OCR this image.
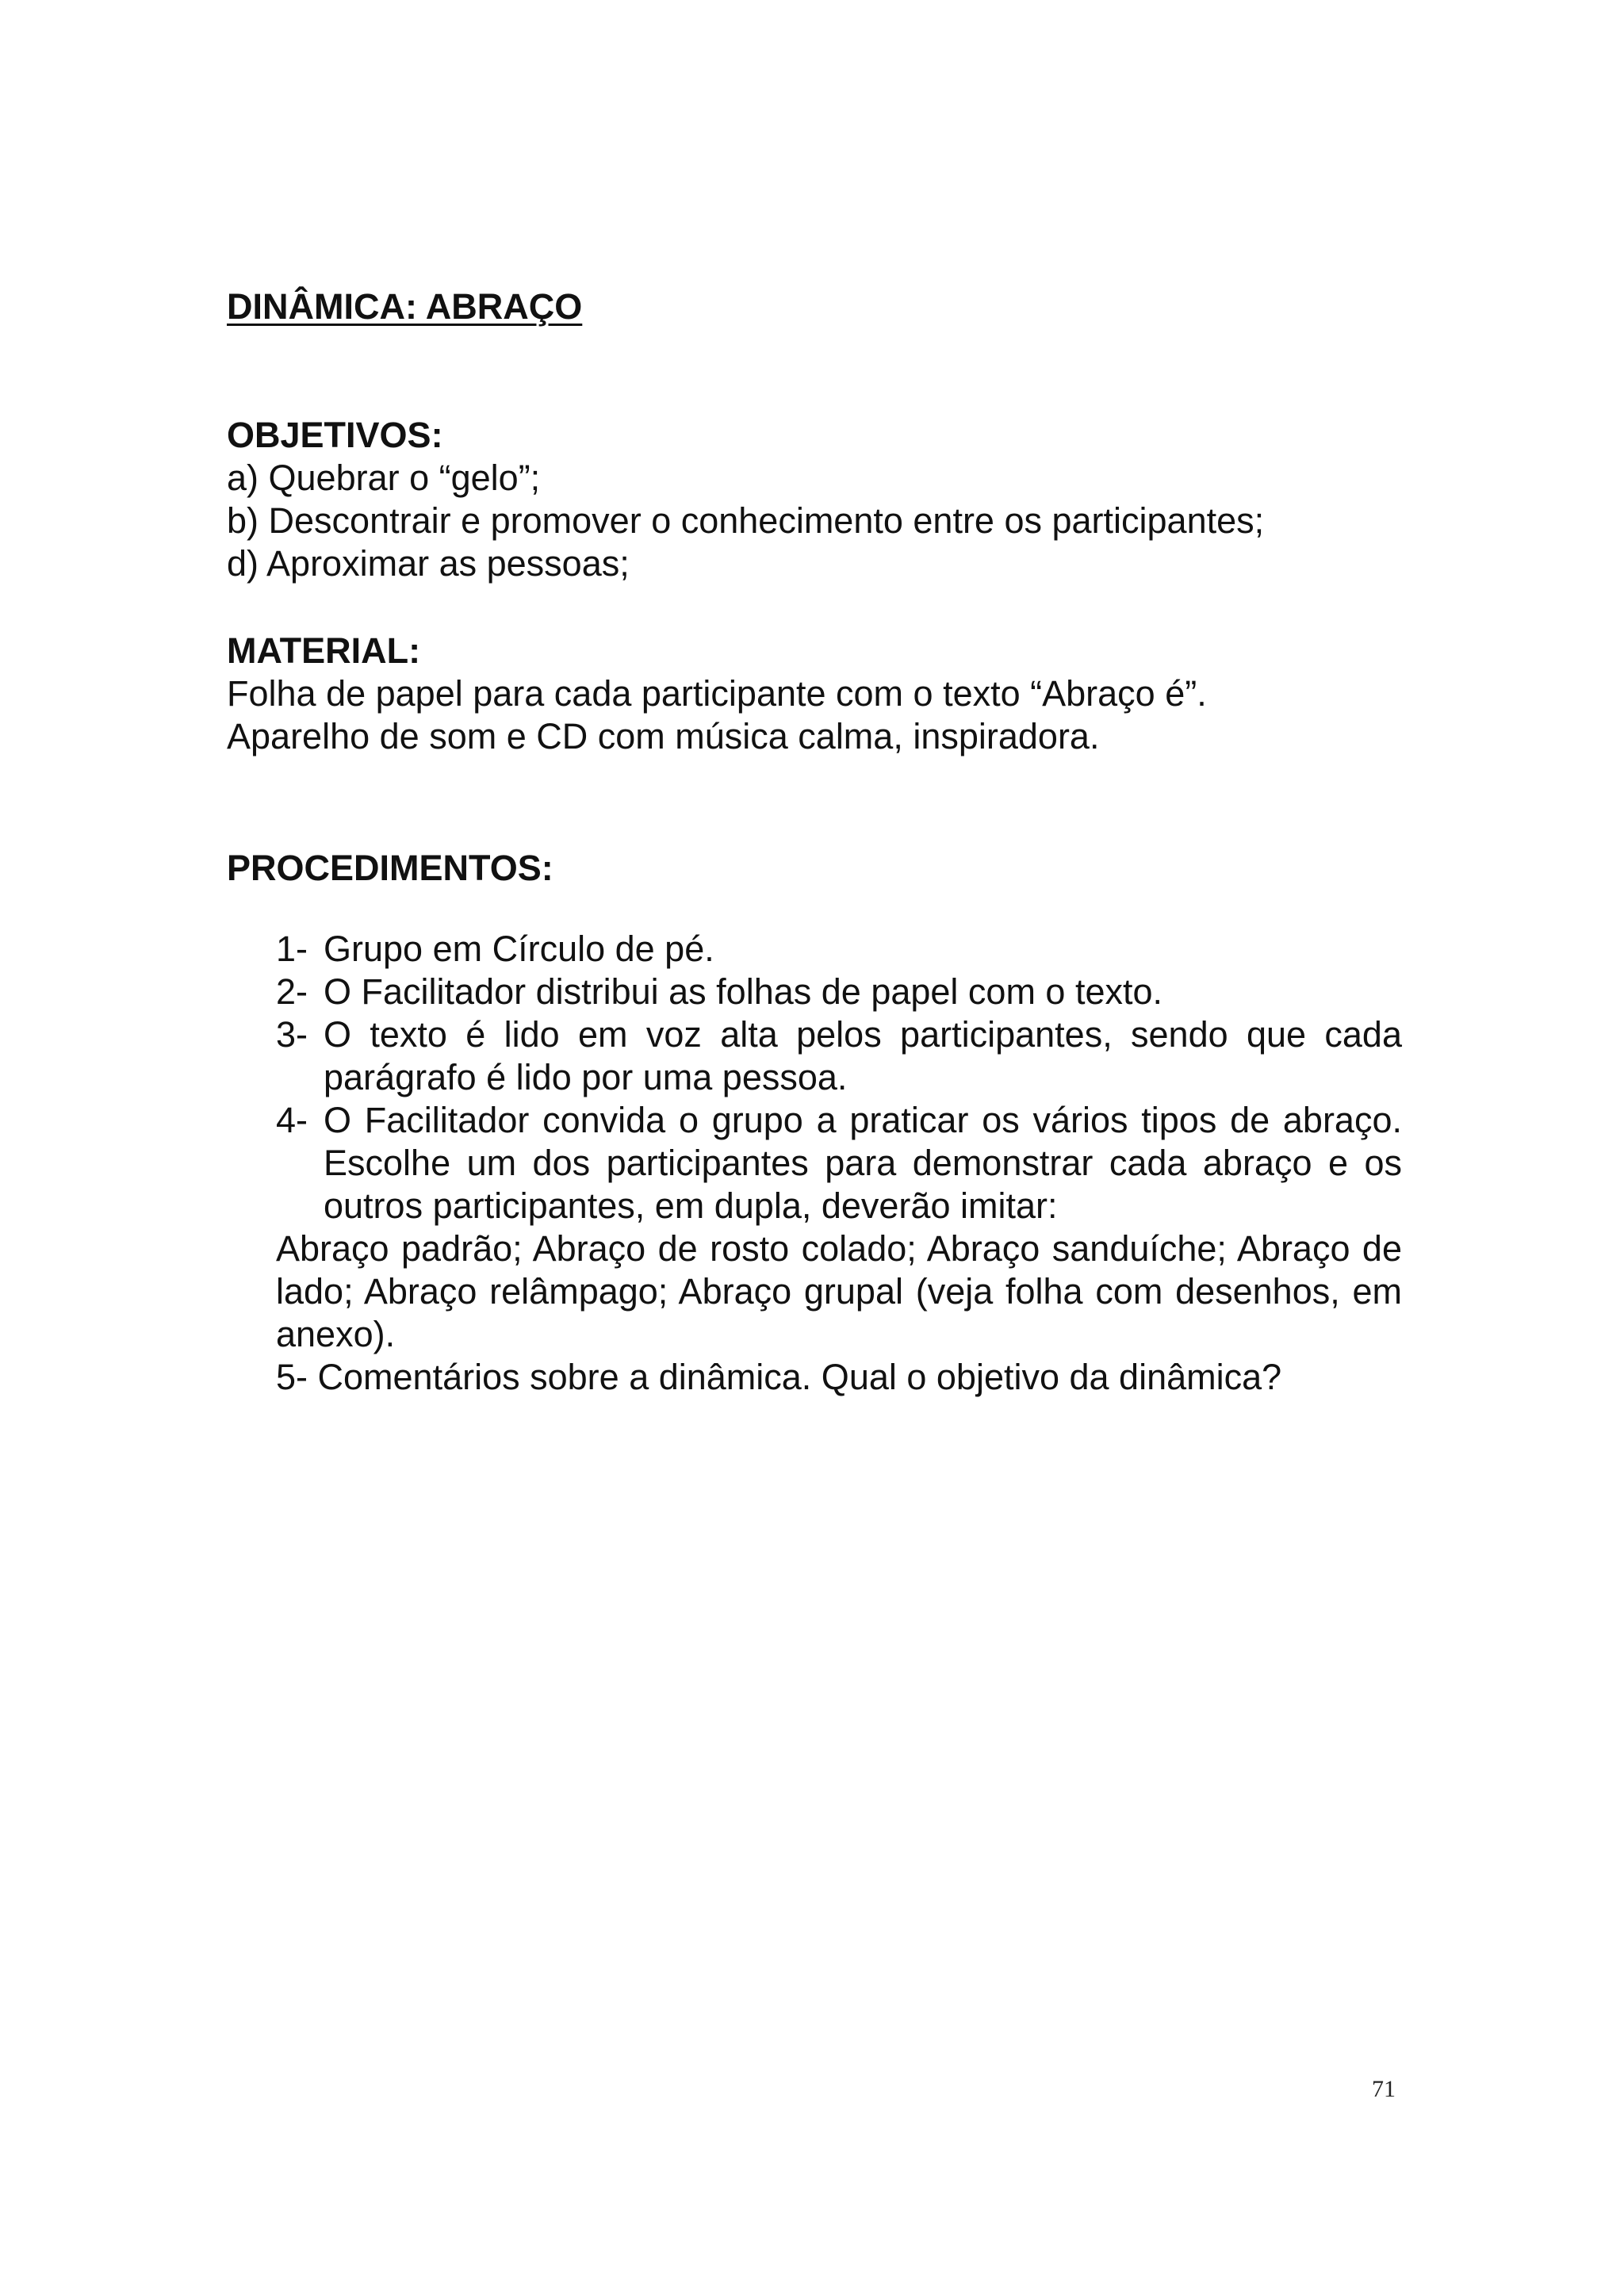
DINÂMICA: ABRAÇO

OBJETIVOS:

a) Quebrar o “gelo”;

b) Descontrair e promover o conhecimento entre os participantes;

d) Aproximar as pessoas;

MATERIAL:

Folha de papel para cada participante com o texto “Abraço é”.

Aparelho de som e CD com música calma, inspiradora.

PROCEDIMENTOS:

1- Grupo em Círculo de pé.
2- O Facilitador distribui as folhas de papel com o texto.
3- O texto é lido em voz alta pelos participantes, sendo que cada parágrafo é lido por uma pessoa.
4- O Facilitador convida o grupo a praticar os vários tipos de abraço. Escolhe um dos participantes para demonstrar cada abraço e os outros participantes, em dupla, deverão imitar:

Abraço padrão; Abraço de rosto colado; Abraço sanduíche; Abraço de lado; Abraço relâmpago; Abraço grupal (veja folha com desenhos, em anexo).

5- Comentários sobre a dinâmica. Qual o objetivo da dinâmica?

71
